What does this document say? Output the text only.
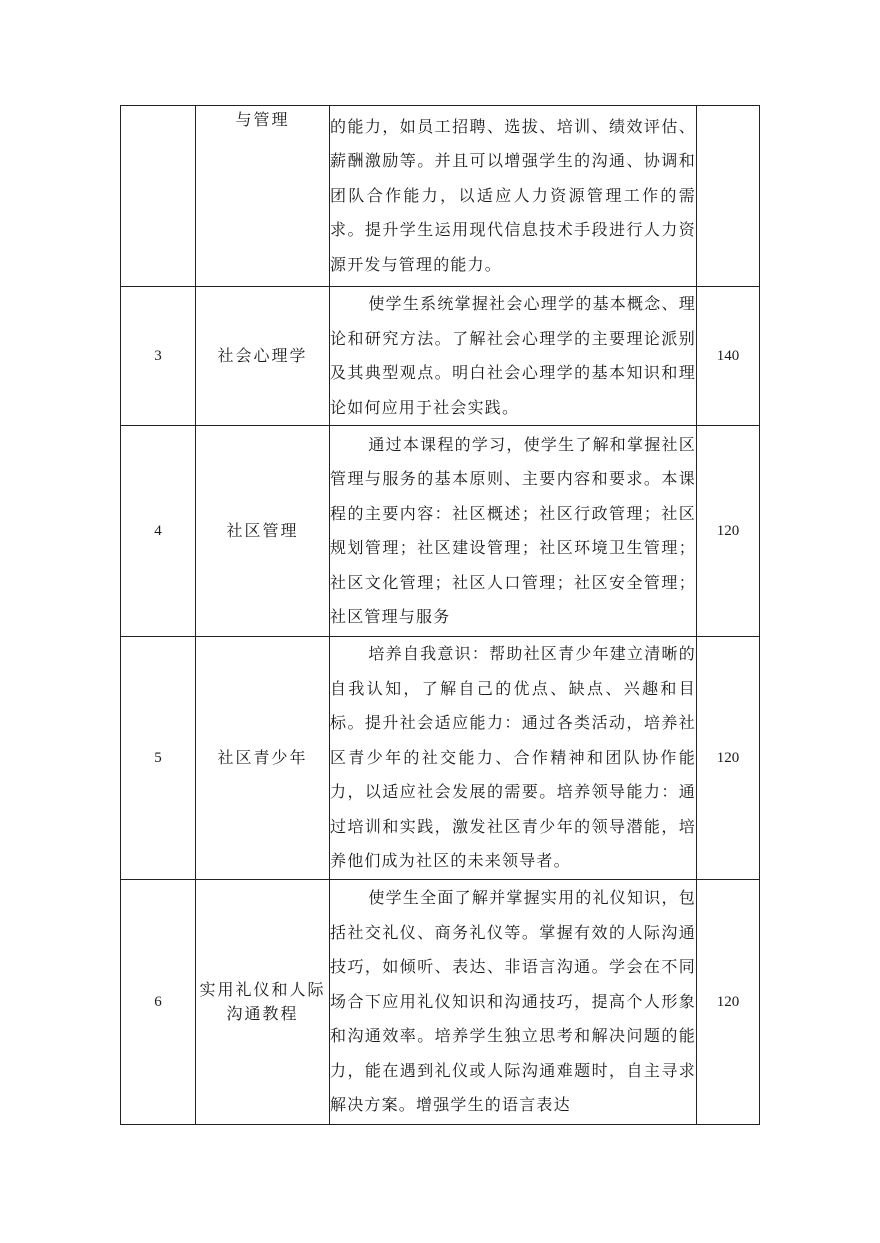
	与管理	的能力，如员工招聘、选拔、培训、绩效评估、薪酬激励等。并且可以增强学生的沟通、协调和团队合作能力，以适应人力资源管理工作的需求。提升学生运用现代信息技术手段进行人力资源开发与管理的能力。	

3	社会心理学	使学生系统掌握社会心理学的基本概念、理论和研究方法。了解社会心理学的主要理论派别及其典型观点。明白社会心理学的基本知识和理论如何应用于社会实践。	140
4	社区管理	通过本课程的学习，使学生了解和掌握社区管理与服务的基本原则、主要内容和要求。本课程的主要内容：社区概述；社区行政管理；社区规划管理；社区建设管理；社区环境卫生管理；社区文化管理；社区人口管理；社区安全管理；社区管理与服务	120
5	社区青少年	培养自我意识：帮助社区青少年建立清晰的自我认知，了解自己的优点、缺点、兴趣和目标。提升社会适应能力：通过各类活动，培养社区青少年的社交能力、合作精神和团队协作能力，以适应社会发展的需要。培养领导能力：通过培训和实践，激发社区青少年的领导潜能，培养他们成为社区的未来领导者。	120
6	实用礼仪和人际沟通教程	使学生全面了解并掌握实用的礼仪知识，包括社交礼仪、商务礼仪等。掌握有效的人际沟通技巧，如倾听、表达、非语言沟通。学会在不同场合下应用礼仪知识和沟通技巧，提高个人形象和沟通效率。培养学生独立思考和解决问题的能力，能在遇到礼仪或人际沟通难题时，自主寻求解决方案。增强学生的语言表达	120
